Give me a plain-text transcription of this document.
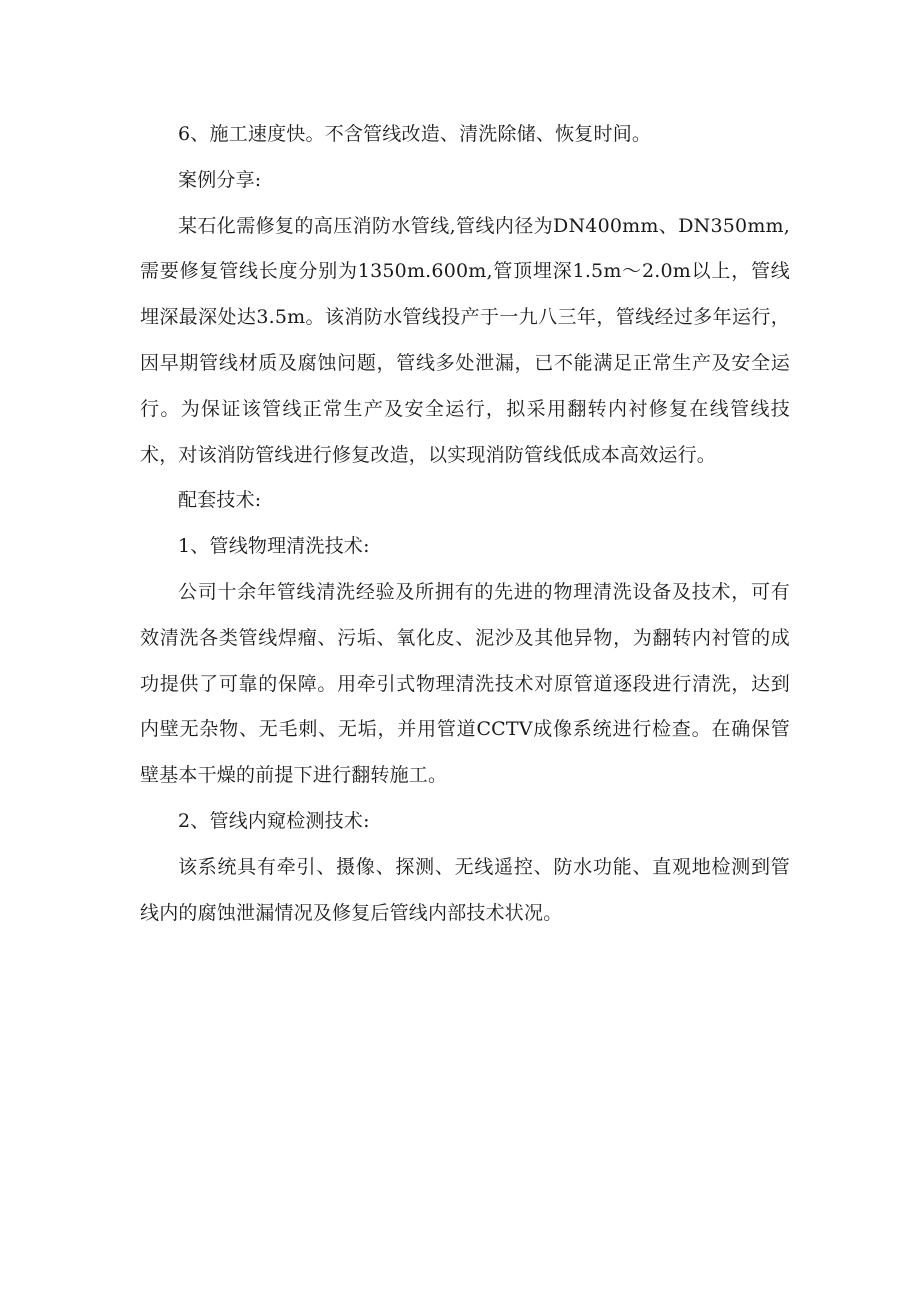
6、施工速度快。不含管线改造、清洗除储、恢复时间。

案例分享:

某石化需修复的高压消防水管线,管线内径为DN400mm、DN350mm,需要修复管线长度分别为1350m.600m,管顶埋深1.5m～2.0m以上，管线埋深最深处达3.5m。该消防水管线投产于一九八三年，管线经过多年运行，因早期管线材质及腐蚀问题，管线多处泄漏，已不能满足正常生产及安全运行。为保证该管线正常生产及安全运行，拟采用翻转内衬修复在线管线技术，对该消防管线进行修复改造，以实现消防管线低成本高效运行。

配套技术:

1、管线物理清洗技术:

公司十余年管线清洗经验及所拥有的先进的物理清洗设备及技术，可有效清洗各类管线焊瘤、污垢、氧化皮、泥沙及其他异物，为翻转内衬管的成功提供了可靠的保障。用牵引式物理清洗技术对原管道逐段进行清洗，达到内壁无杂物、无毛刺、无垢，并用管道CCTV成像系统进行检查。在确保管壁基本干燥的前提下进行翻转施工。

2、管线内窥检测技术:

该系统具有牵引、摄像、探测、无线遥控、防水功能、直观地检测到管线内的腐蚀泄漏情况及修复后管线内部技术状况。
